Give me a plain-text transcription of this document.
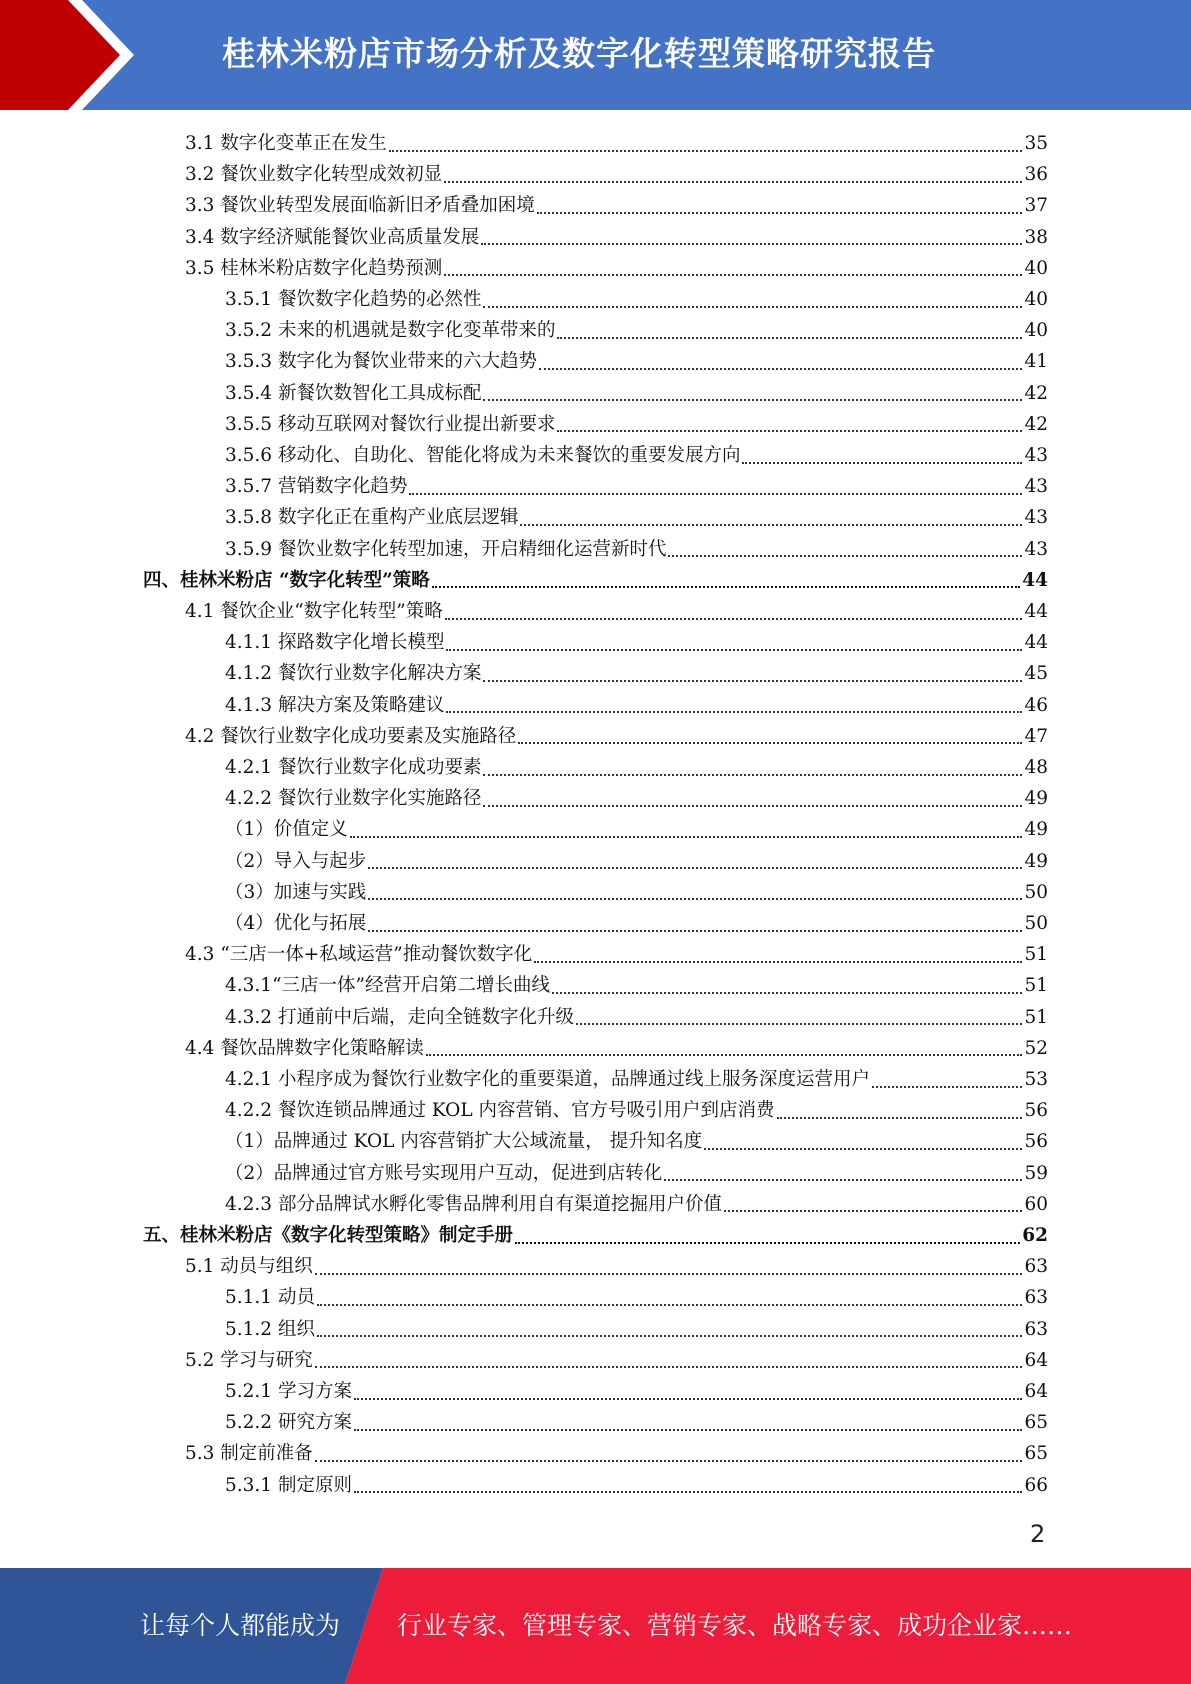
桂林米粉店市场分析及数字化转型策略研究报告
3.1 数字化变革正在发生	35
3.2 餐饮业数字化转型成效初显	36
3.3 餐饮业转型发展面临新旧矛盾叠加困境	37
3.4 数字经济赋能餐饮业高质量发展	38
3.5 桂林米粉店数字化趋势预测	40
3.5.1 餐饮数字化趋势的必然性	40
3.5.2 未来的机遇就是数字化变革带来的	40
3.5.3 数字化为餐饮业带来的六大趋势	41
3.5.4 新餐饮数智化工具成标配	42
3.5.5 移动互联网对餐饮行业提出新要求	42
3.5.6 移动化、自助化、智能化将成为未来餐饮的重要发展方向	43
3.5.7 营销数字化趋势	43
3.5.8 数字化正在重构产业底层逻辑	43
3.5.9 餐饮业数字化转型加速，开启精细化运营新时代	43
四、桂林米粉店 “数字化转型”策略	44
4.1 餐饮企业“数字化转型”策略	44
4.1.1 探路数字化增长模型	44
4.1.2 餐饮行业数字化解决方案	45
4.1.3 解决方案及策略建议	46
4.2 餐饮行业数字化成功要素及实施路径	47
4.2.1 餐饮行业数字化成功要素	48
4.2.2 餐饮行业数字化实施路径	49
（1）价值定义	49
（2）导入与起步	49
（3）加速与实践	50
（4）优化与拓展	50
4.3 “三店一体+私域运营”推动餐饮数字化	51
4.3.1“三店一体”经营开启第二增长曲线	51
4.3.2 打通前中后端，走向全链数字化升级	51
4.4 餐饮品牌数字化策略解读	52
4.2.1 小程序成为餐饮行业数字化的重要渠道，品牌通过线上服务深度运营用户	53
4.2.2 餐饮连锁品牌通过 KOL 内容营销、官方号吸引用户到店消费	56
（1）品牌通过 KOL 内容营销扩大公域流量， 提升知名度	56
（2）品牌通过官方账号实现用户互动，促进到店转化	59
4.2.3 部分品牌试水孵化零售品牌利用自有渠道挖掘用户价值	60
五、桂林米粉店《数字化转型策略》制定手册	62
5.1 动员与组织	63
5.1.1 动员	63
5.1.2 组织	63
5.2 学习与研究	64
5.2.1 学习方案	64
5.2.2 研究方案	65
5.3 制定前准备	65
5.3.1 制定原则	66
2
让每个人都能成为 行业专家、管理专家、营销专家、战略专家、成功企业家……
